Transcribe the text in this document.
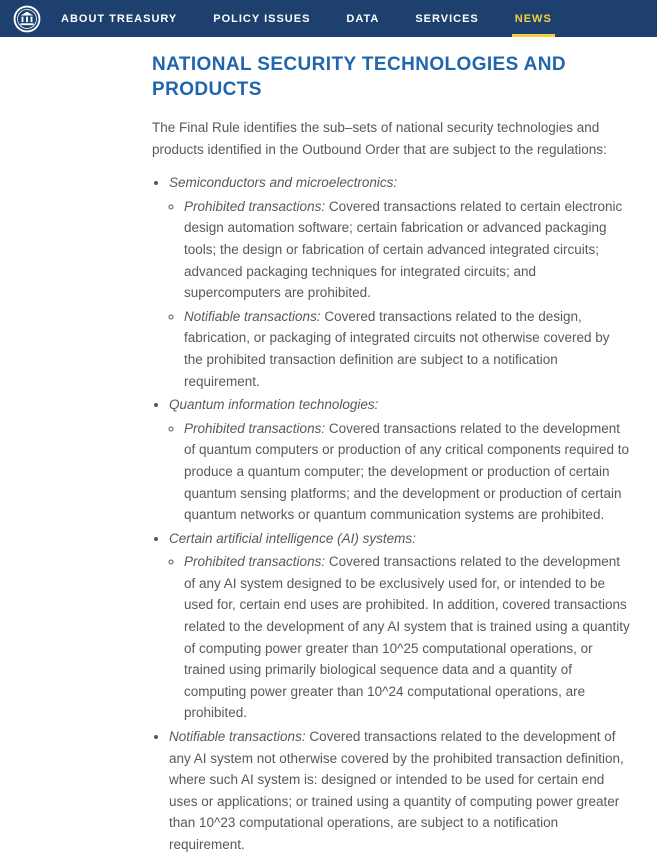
ABOUT TREASURY	POLICY ISSUES	DATA	SERVICES	NEWS
NATIONAL SECURITY TECHNOLOGIES AND PRODUCTS

The Final Rule identifies the sub–sets of national security technologies and products identified in the Outbound Order that are subject to the regulations:

• Semiconductors and microelectronics:
◦ Prohibited transactions: Covered transactions related to certain electronic design automation software; certain fabrication or advanced packaging tools; the design or fabrication of certain advanced integrated circuits; advanced packaging techniques for integrated circuits; and supercomputers are prohibited.
◦ Notifiable transactions: Covered transactions related to the design, fabrication, or packaging of integrated circuits not otherwise covered by the prohibited transaction definition are subject to a notification requirement.
• Quantum information technologies:
◦ Prohibited transactions: Covered transactions related to the development of quantum computers or production of any critical components required to produce a quantum computer; the development or production of certain quantum sensing platforms; and the development or production of certain quantum networks or quantum communication systems are prohibited.
• Certain artificial intelligence (AI) systems:
◦ Prohibited transactions: Covered transactions related to the development of any AI system designed to be exclusively used for, or intended to be used for, certain end uses are prohibited. In addition, covered transactions related to the development of any AI system that is trained using a quantity of computing power greater than 10^25 computational operations, or trained using primarily biological sequence data and a quantity of computing power greater than 10^24 computational operations, are prohibited.
• Notifiable transactions: Covered transactions related to the development of any AI system not otherwise covered by the prohibited transaction definition, where such AI system is: designed or intended to be used for certain end uses or applications; or trained using a quantity of computing power greater than 10^23 computational operations, are subject to a notification requirement.
